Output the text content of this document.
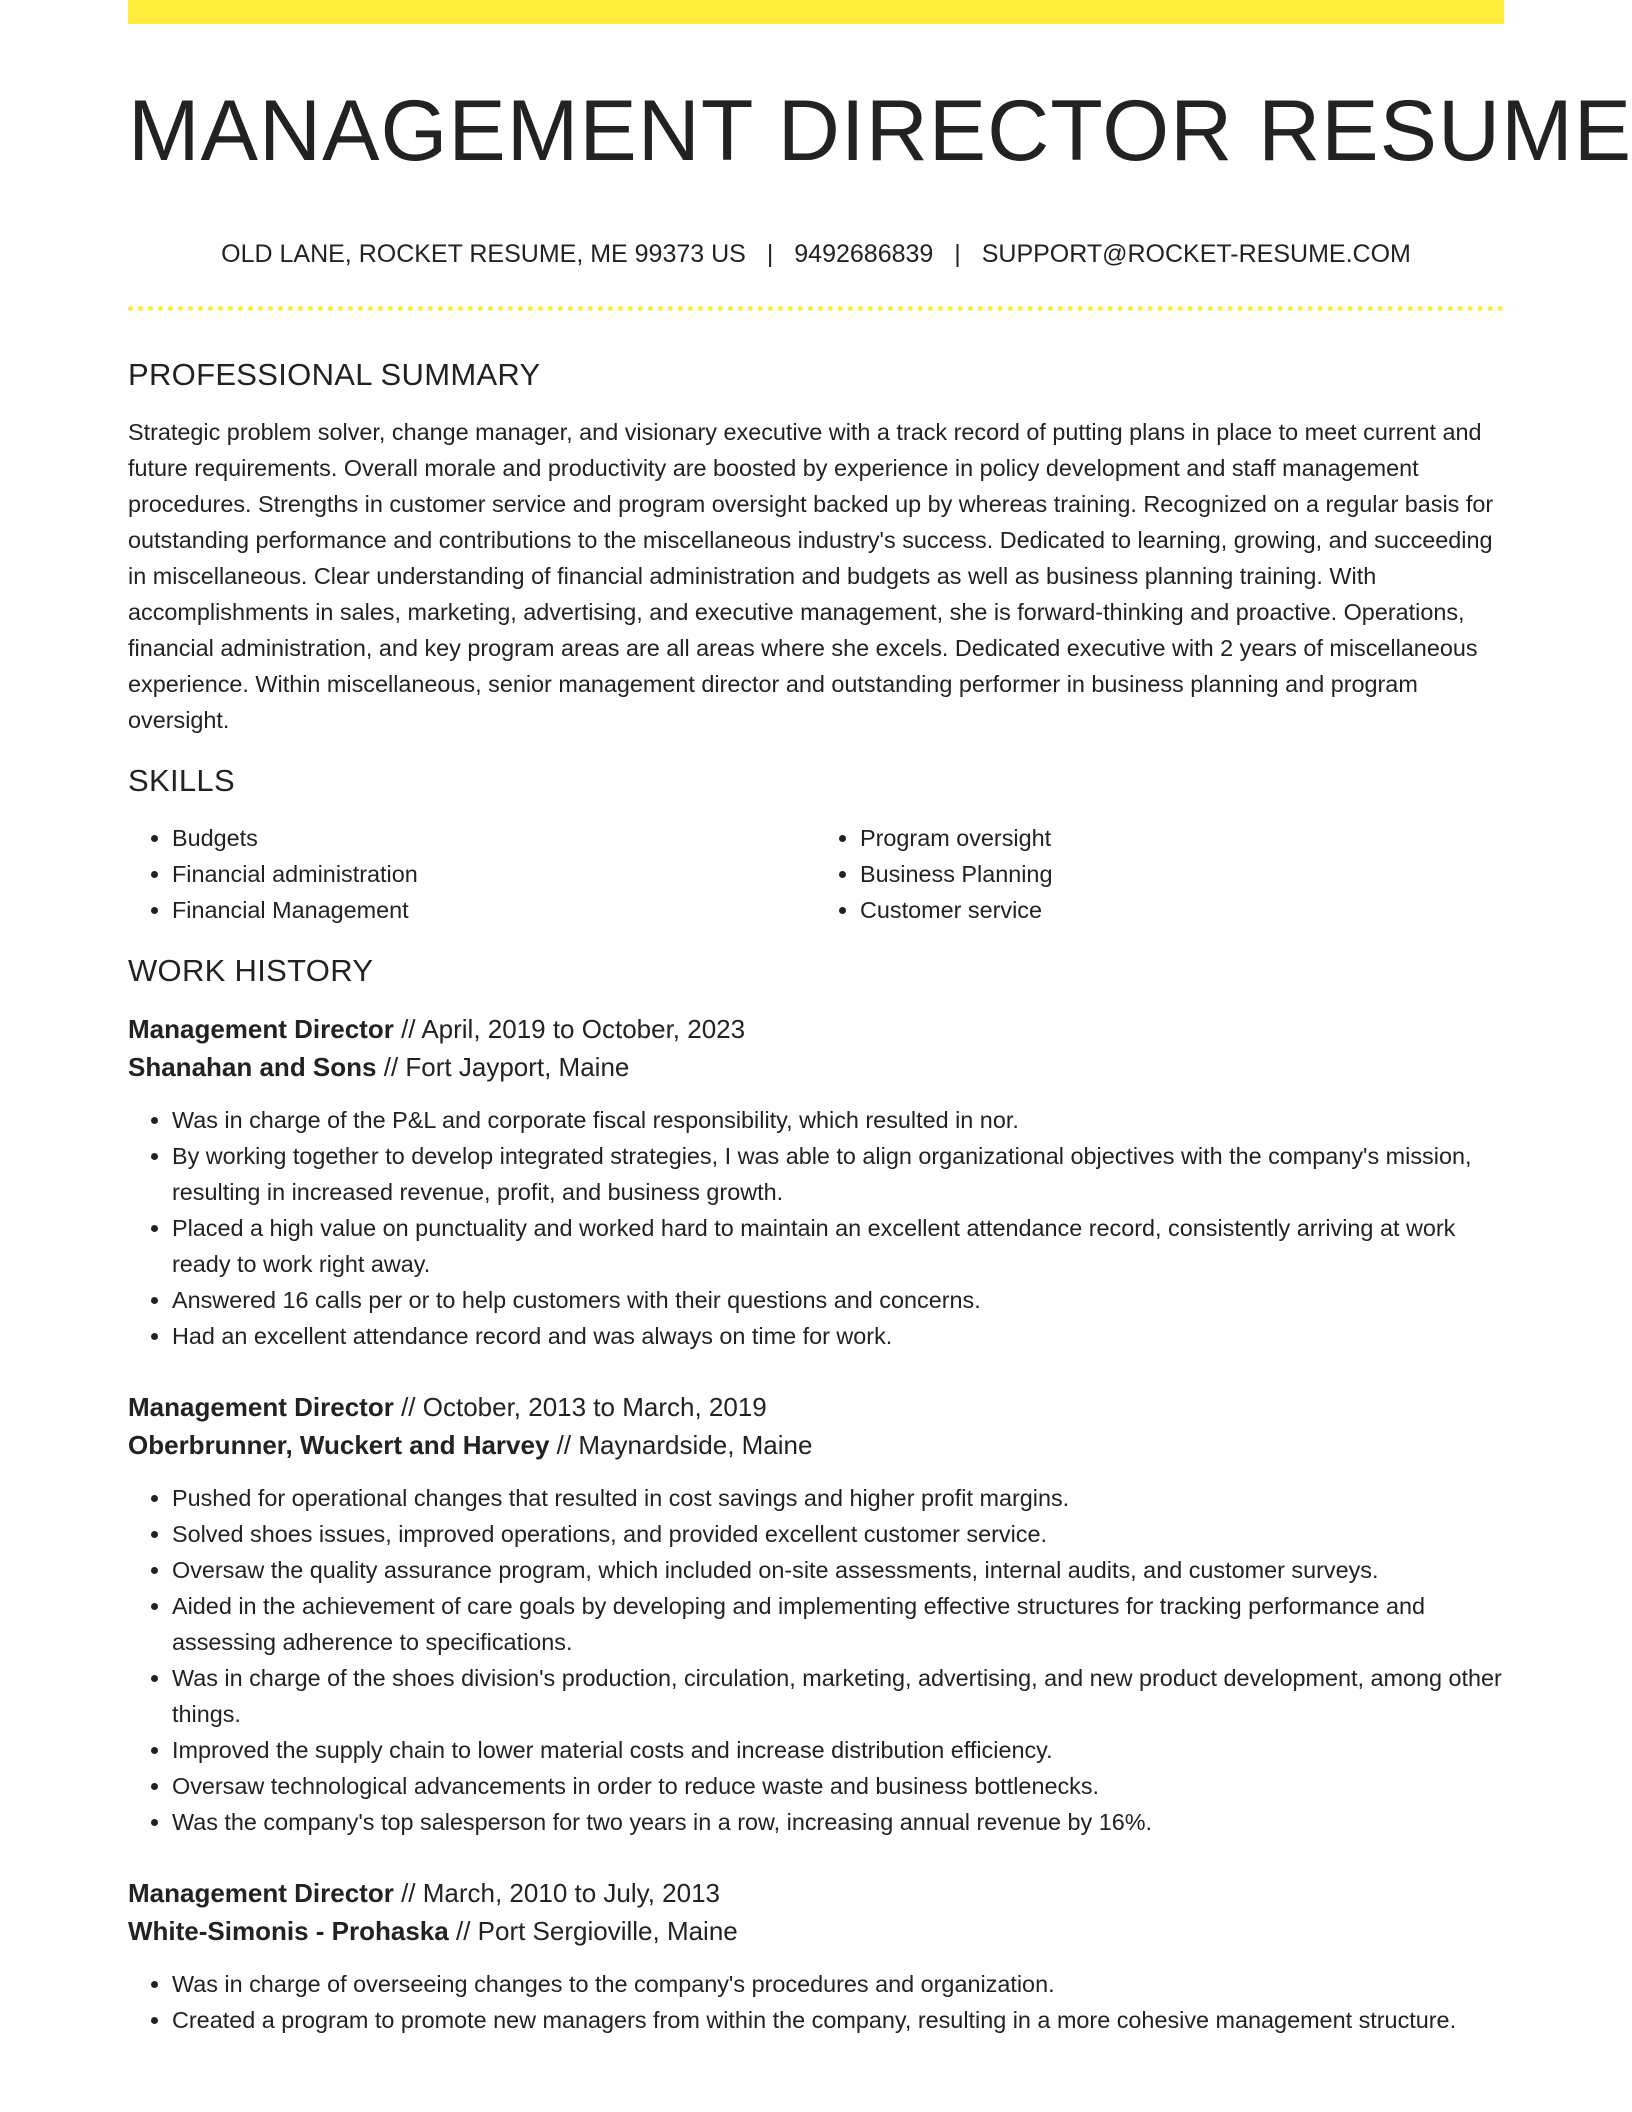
MANAGEMENT DIRECTOR RESUME
OLD LANE, ROCKET RESUME, ME 99373 US | 9492686839 | SUPPORT@ROCKET-RESUME.COM
PROFESSIONAL SUMMARY

Strategic problem solver, change manager, and visionary executive with a track record of putting plans in place to meet current and future requirements. Overall morale and productivity are boosted by experience in policy development and staff management procedures. Strengths in customer service and program oversight backed up by whereas training. Recognized on a regular basis for outstanding performance and contributions to the miscellaneous industry's success. Dedicated to learning, growing, and succeeding in miscellaneous. Clear understanding of financial administration and budgets as well as business planning training. With accomplishments in sales, marketing, advertising, and executive management, she is forward-thinking and proactive. Operations, financial administration, and key program areas are all areas where she excels. Dedicated executive with 2 years of miscellaneous experience. Within miscellaneous, senior management director and outstanding performer in business planning and program oversight.

SKILLS
• Budgets
• Financial administration
• Financial Management
• Program oversight
• Business Planning
• Customer service
WORK HISTORY
Management Director // April, 2019 to October, 2023
Shanahan and Sons // Fort Jayport, Maine
• Was in charge of the P&L and corporate fiscal responsibility, which resulted in nor.
• By working together to develop integrated strategies, I was able to align organizational objectives with the company's mission, resulting in increased revenue, profit, and business growth.
• Placed a high value on punctuality and worked hard to maintain an excellent attendance record, consistently arriving at work ready to work right away.
• Answered 16 calls per or to help customers with their questions and concerns.
• Had an excellent attendance record and was always on time for work.
Management Director // October, 2013 to March, 2019
Oberbrunner, Wuckert and Harvey // Maynardside, Maine
• Pushed for operational changes that resulted in cost savings and higher profit margins.
• Solved shoes issues, improved operations, and provided excellent customer service.
• Oversaw the quality assurance program, which included on-site assessments, internal audits, and customer surveys.
• Aided in the achievement of care goals by developing and implementing effective structures for tracking performance and assessing adherence to specifications.
• Was in charge of the shoes division's production, circulation, marketing, advertising, and new product development, among other things.
• Improved the supply chain to lower material costs and increase distribution efficiency.
• Oversaw technological advancements in order to reduce waste and business bottlenecks.
• Was the company's top salesperson for two years in a row, increasing annual revenue by 16%.
Management Director // March, 2010 to July, 2013
White-Simonis - Prohaska // Port Sergioville, Maine
• Was in charge of overseeing changes to the company's procedures and organization.
• Created a program to promote new managers from within the company, resulting in a more cohesive management structure.
